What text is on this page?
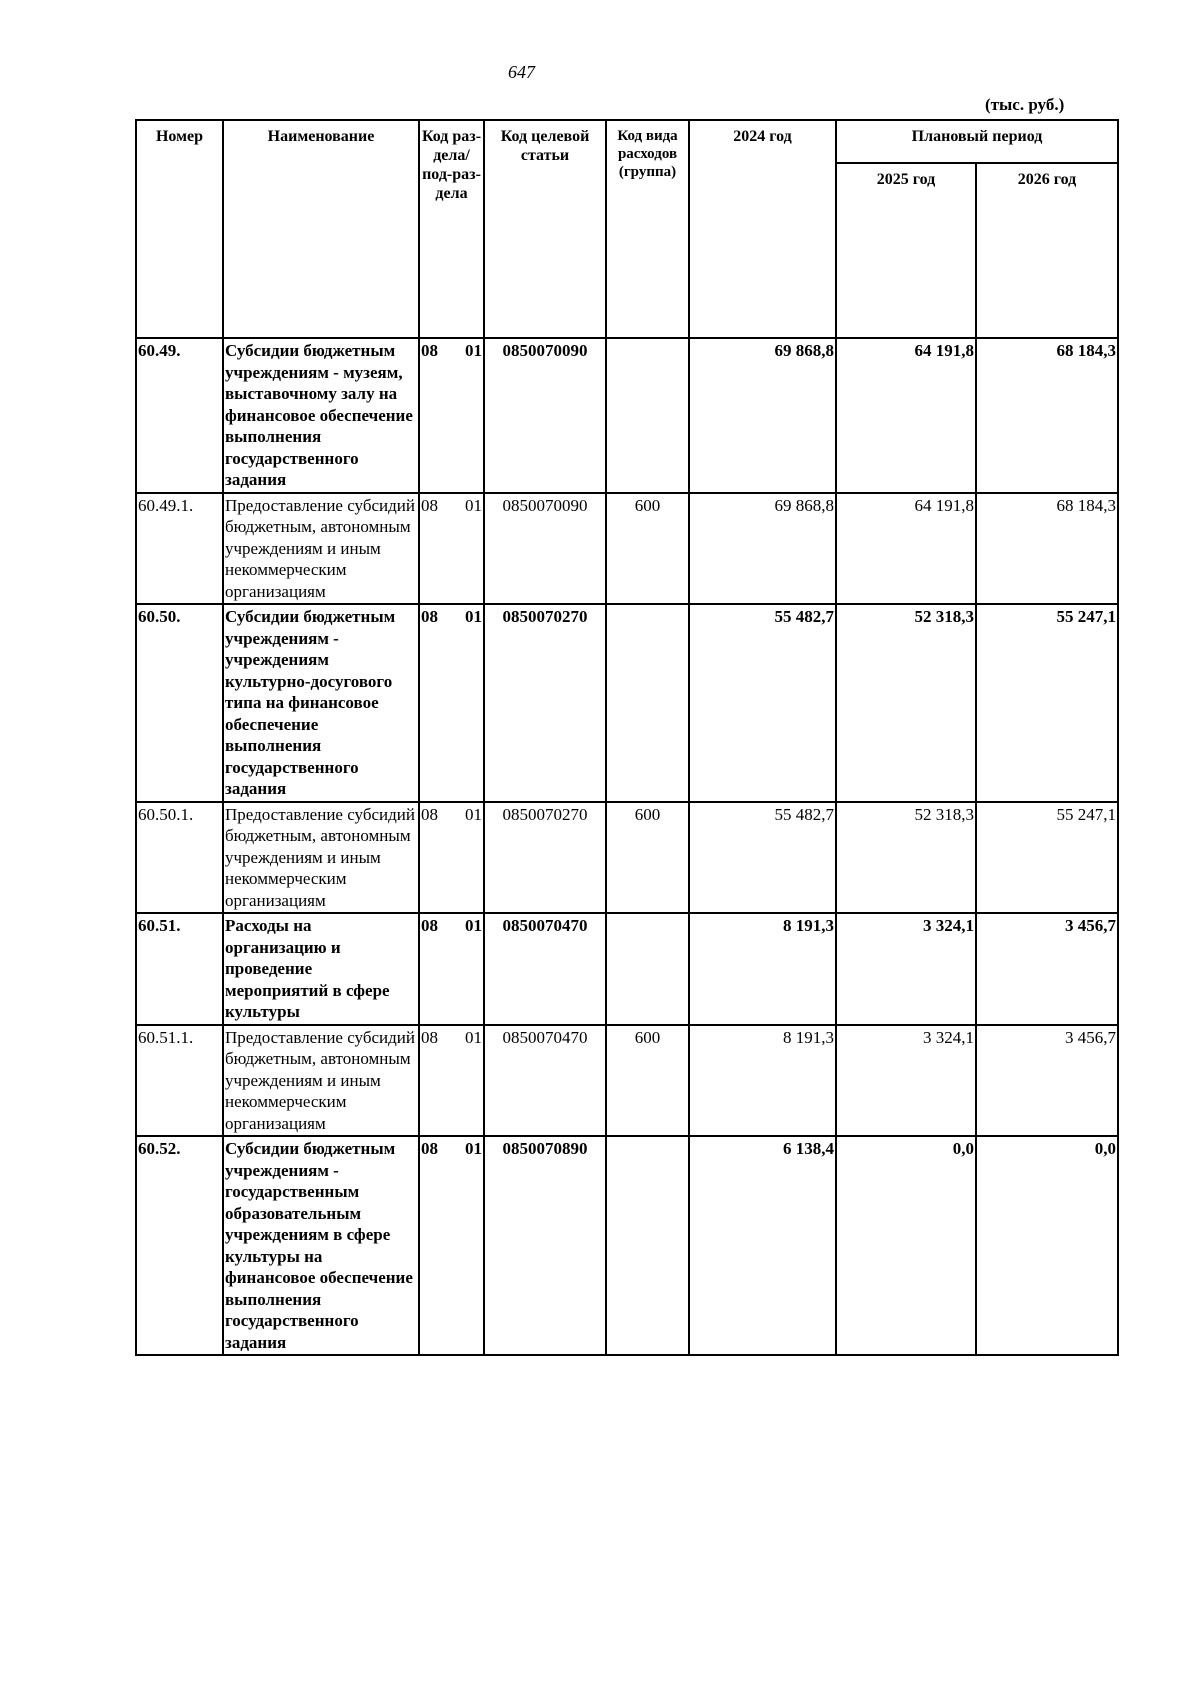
647
(тыс. руб.)
Номер	Наименование	Код раз-дела/ под-раз-дела	Код целевой статьи	Код вида расходов (группа)	2024 год	Плановый период	
						2025 год	2026 год
60.49.	Субсидии бюджетным учреждениям - музеям, выставочному залу на финансовое обеспечение выполнения государственного задания	08 01	0850070090		69 868,8	64 191,8	68 184,3
60.49.1.	Предоставление субсидий бюджетным, автономным учреждениям и иным некоммерческим организациям	08 01	0850070090	600	69 868,8	64 191,8	68 184,3
60.50.	Субсидии бюджетным учреждениям - учреждениям культурно-досугового типа на финансовое обеспечение выполнения государственного задания	08 01	0850070270		55 482,7	52 318,3	55 247,1
60.50.1.	Предоставление субсидий бюджетным, автономным учреждениям и иным некоммерческим организациям	08 01	0850070270	600	55 482,7	52 318,3	55 247,1
60.51.	Расходы на организацию и проведение мероприятий в сфере культуры	08 01	0850070470		8 191,3	3 324,1	3 456,7
60.51.1.	Предоставление субсидий бюджетным, автономным учреждениям и иным некоммерческим организациям	08 01	0850070470	600	8 191,3	3 324,1	3 456,7
60.52.	Субсидии бюджетным учреждениям - государственным образовательным учреждениям в сфере культуры на финансовое обеспечение выполнения государственного задания	08 01	0850070890		6 138,4	0,0	0,0
